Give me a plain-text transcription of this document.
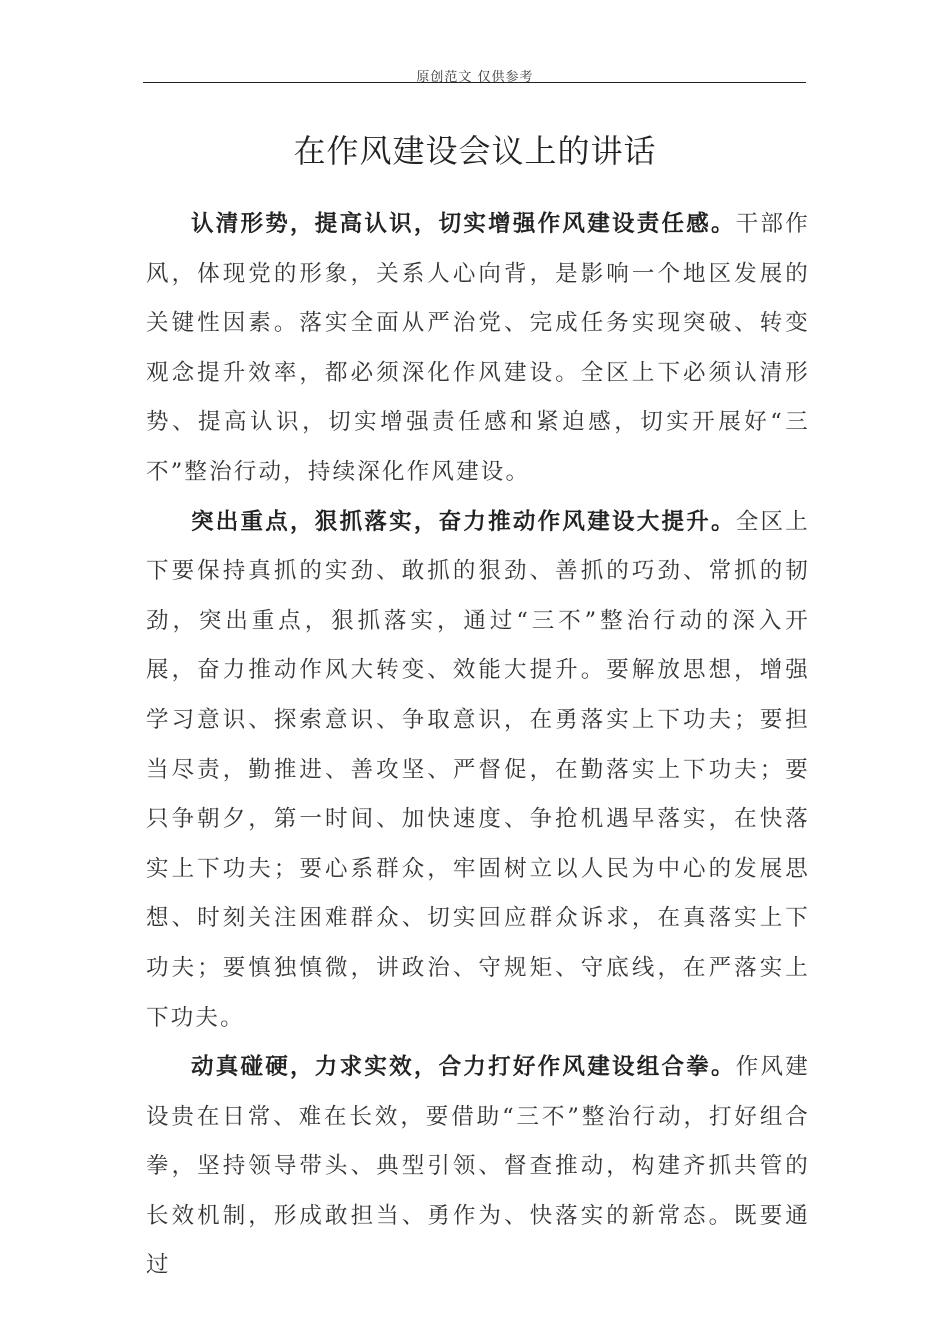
原创范文 仅供参考
在作风建设会议上的讲话

认清形势，提高认识，切实增强作风建设责任感。干部作风，体现党的形象，关系人心向背，是影响一个地区发展的关键性因素。落实全面从严治党、完成任务实现突破、转变观念提升效率，都必须深化作风建设。全区上下必须认清形势、提高认识，切实增强责任感和紧迫感，切实开展好“三不”整治行动，持续深化作风建设。

突出重点，狠抓落实，奋力推动作风建设大提升。全区上下要保持真抓的实劲、敢抓的狠劲、善抓的巧劲、常抓的韧劲，突出重点，狠抓落实，通过“三不”整治行动的深入开展，奋力推动作风大转变、效能大提升。要解放思想，增强学习意识、探索意识、争取意识，在勇落实上下功夫；要担当尽责，勤推进、善攻坚、严督促，在勤落实上下功夫；要只争朝夕，第一时间、加快速度、争抢机遇早落实，在快落实上下功夫；要心系群众，牢固树立以人民为中心的发展思想、时刻关注困难群众、切实回应群众诉求，在真落实上下功夫；要慎独慎微，讲政治、守规矩、守底线，在严落实上下功夫。

动真碰硬，力求实效，合力打好作风建设组合拳。作风建设贵在日常、难在长效，要借助“三不”整治行动，打好组合拳，坚持领导带头、典型引领、督查推动，构建齐抓共管的长效机制，形成敢担当、勇作为、快落实的新常态。既要通过
